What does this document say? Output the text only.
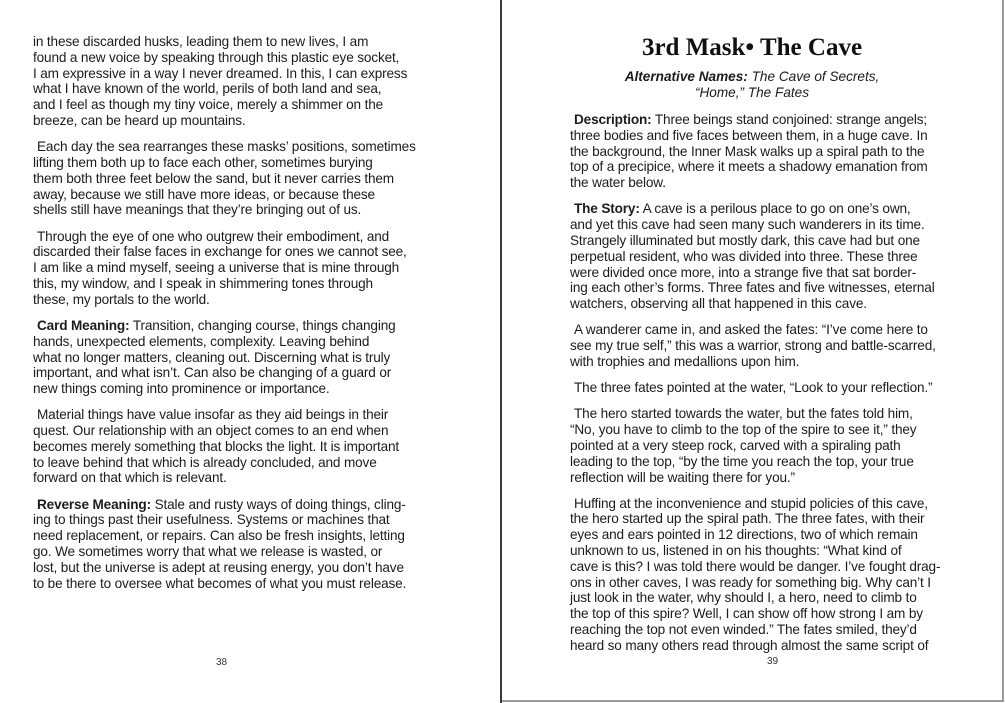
in these discarded husks, leading them to new lives, I am
found a new voice by speaking through this plastic eye socket,
I am expressive in a way I never dreamed. In this, I can express
what I have known of the world, perils of both land and sea,
and I feel as though my tiny voice, merely a shimmer on the
breeze, can be heard up mountains.
Each day the sea rearranges these masks’ positions, sometimes
lifting them both up to face each other, sometimes burying
them both three feet below the sand, but it never carries them
away, because we still have more ideas, or because these
shells still have meanings that they’re bringing out of us.
Through the eye of one who outgrew their embodiment, and
discarded their false faces in exchange for ones we cannot see,
I am like a mind myself, seeing a universe that is mine through
this, my window, and I speak in shimmering tones through
these, my portals to the world.
Card Meaning: Transition, changing course, things changing
hands, unexpected elements, complexity. Leaving behind
what no longer matters, cleaning out. Discerning what is truly
important, and what isn’t. Can also be changing of a guard or
new things coming into prominence or importance.
Material things have value insofar as they aid beings in their
quest. Our relationship with an object comes to an end when
becomes merely something that blocks the light. It is important
to leave behind that which is already concluded, and move
forward on that which is relevant.
Reverse Meaning: Stale and rusty ways of doing things, cling-
ing to things past their usefulness. Systems or machines that
need replacement, or repairs. Can also be fresh insights, letting
go. We sometimes worry that what we release is wasted, or
lost, but the universe is adept at reusing energy, you don’t have
to be there to oversee what becomes of what you must release.
38
3rd Mask• The Cave
Alternative Names: The Cave of Secrets,
“Home,” The Fates
Description: Three beings stand conjoined: strange angels;
three bodies and five faces between them, in a huge cave. In
the background, the Inner Mask walks up a spiral path to the
top of a precipice, where it meets a shadowy emanation from
the water below.
The Story: A cave is a perilous place to go on one’s own,
and yet this cave had seen many such wanderers in its time.
Strangely illuminated but mostly dark, this cave had but one
perpetual resident, who was divided into three. These three
were divided once more, into a strange five that sat border-
ing each other’s forms. Three fates and five witnesses, eternal
watchers, observing all that happened in this cave.
A wanderer came in, and asked the fates: “I’ve come here to
see my true self,” this was a warrior, strong and battle-scarred,
with trophies and medallions upon him.
The three fates pointed at the water, “Look to your reflection.”
The hero started towards the water, but the fates told him,
“No, you have to climb to the top of the spire to see it,” they
pointed at a very steep rock, carved with a spiraling path
leading to the top, “by the time you reach the top, your true
reflection will be waiting there for you.”
Huffing at the inconvenience and stupid policies of this cave,
the hero started up the spiral path. The three fates, with their
eyes and ears pointed in 12 directions, two of which remain
unknown to us, listened in on his thoughts: “What kind of
cave is this? I was told there would be danger. I’ve fought drag-
ons in other caves, I was ready for something big. Why can’t I
just look in the water, why should I, a hero, need to climb to
the top of this spire? Well, I can show off how strong I am by
reaching the top not even winded.” The fates smiled, they’d
heard so many others read through almost the same script of
39
